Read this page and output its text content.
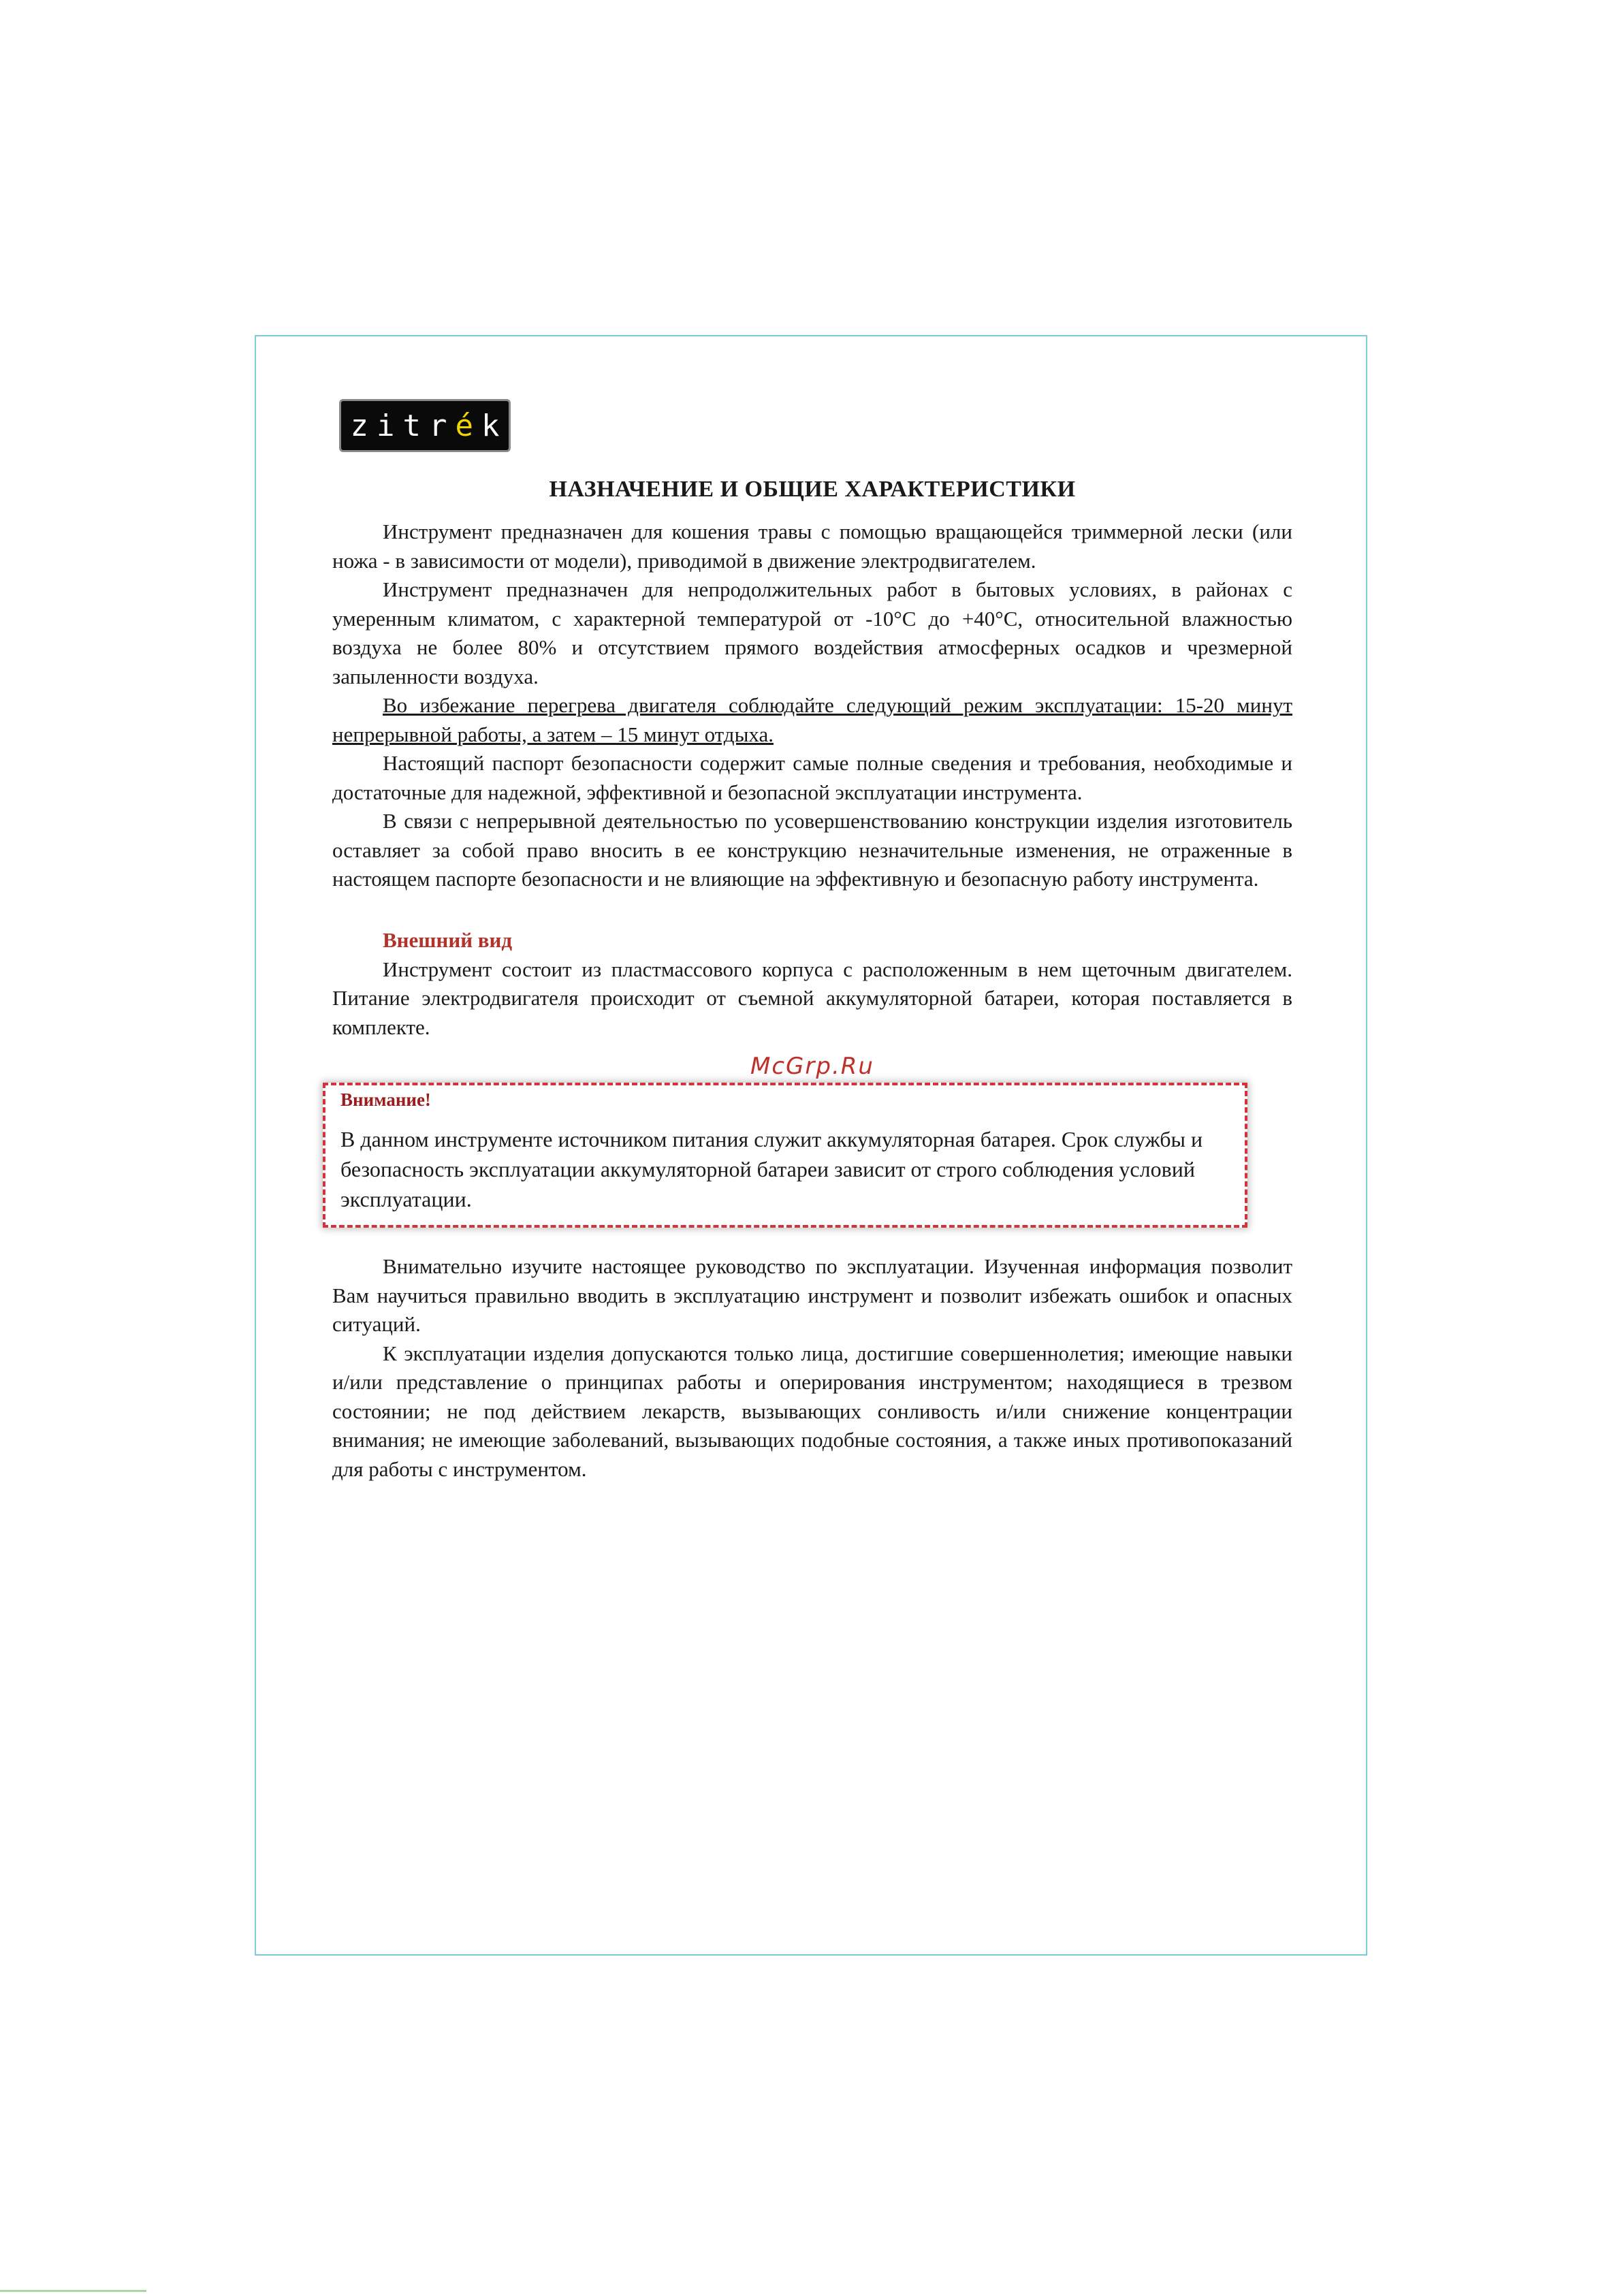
zitr é k
НАЗНАЧЕНИЕ И ОБЩИЕ ХАРАКТЕРИСТИКИ

Инструмент предназначен для кошения травы с помощью вращающейся триммерной лески (или ножа - в зависимости от модели), приводимой в движение электродвигателем.

Инструмент предназначен для непродолжительных работ в бытовых условиях, в районах с умеренным климатом, с характерной температурой от -10°С до +40°С, относительной влажностью воздуха не более 80% и отсутствием прямого воздействия атмосферных осадков и чрезмерной запыленности воздуха.

Во избежание перегрева двигателя соблюдайте следующий режим эксплуатации: 15-20 минут непрерывной работы, а затем – 15 минут отдыха.

Настоящий паспорт безопасности содержит самые полные сведения и требования, необходимые и достаточные для надежной, эффективной и безопасной эксплуатации инструмента.

В связи с непрерывной деятельностью по усовершенствованию конструкции изделия изготовитель оставляет за собой право вносить в ее конструкцию незначительные изменения, не отраженные в настоящем паспорте безопасности и не влияющие на эффективную и безопасную работу инструмента.

Внешний вид

Инструмент состоит из пластмассового корпуса с расположенным в нем щеточным двигателем. Питание электродвигателя происходит от съемной аккумуляторной батареи, которая поставляется в комплекте.

McGrp.Ru
Внимание!
В данном инструменте источником питания служит аккумуляторная батарея. Срок службы и безопасность эксплуатации аккумуляторной батареи зависит от строго соблюдения условий эксплуатации.

Внимательно изучите настоящее руководство по эксплуатации. Изученная информация позволит Вам научиться правильно вводить в эксплуатацию инструмент и позволит избежать ошибок и опасных ситуаций.

К эксплуатации изделия допускаются только лица, достигшие совершеннолетия; имеющие навыки и/или представление о принципах работы и оперирования инструментом; находящиеся в трезвом состоянии; не под действием лекарств, вызывающих сонливость и/или снижение концентрации внимания; не имеющие заболеваний, вызывающих подобные состояния, а также иных противопоказаний для работы с инструментом.
